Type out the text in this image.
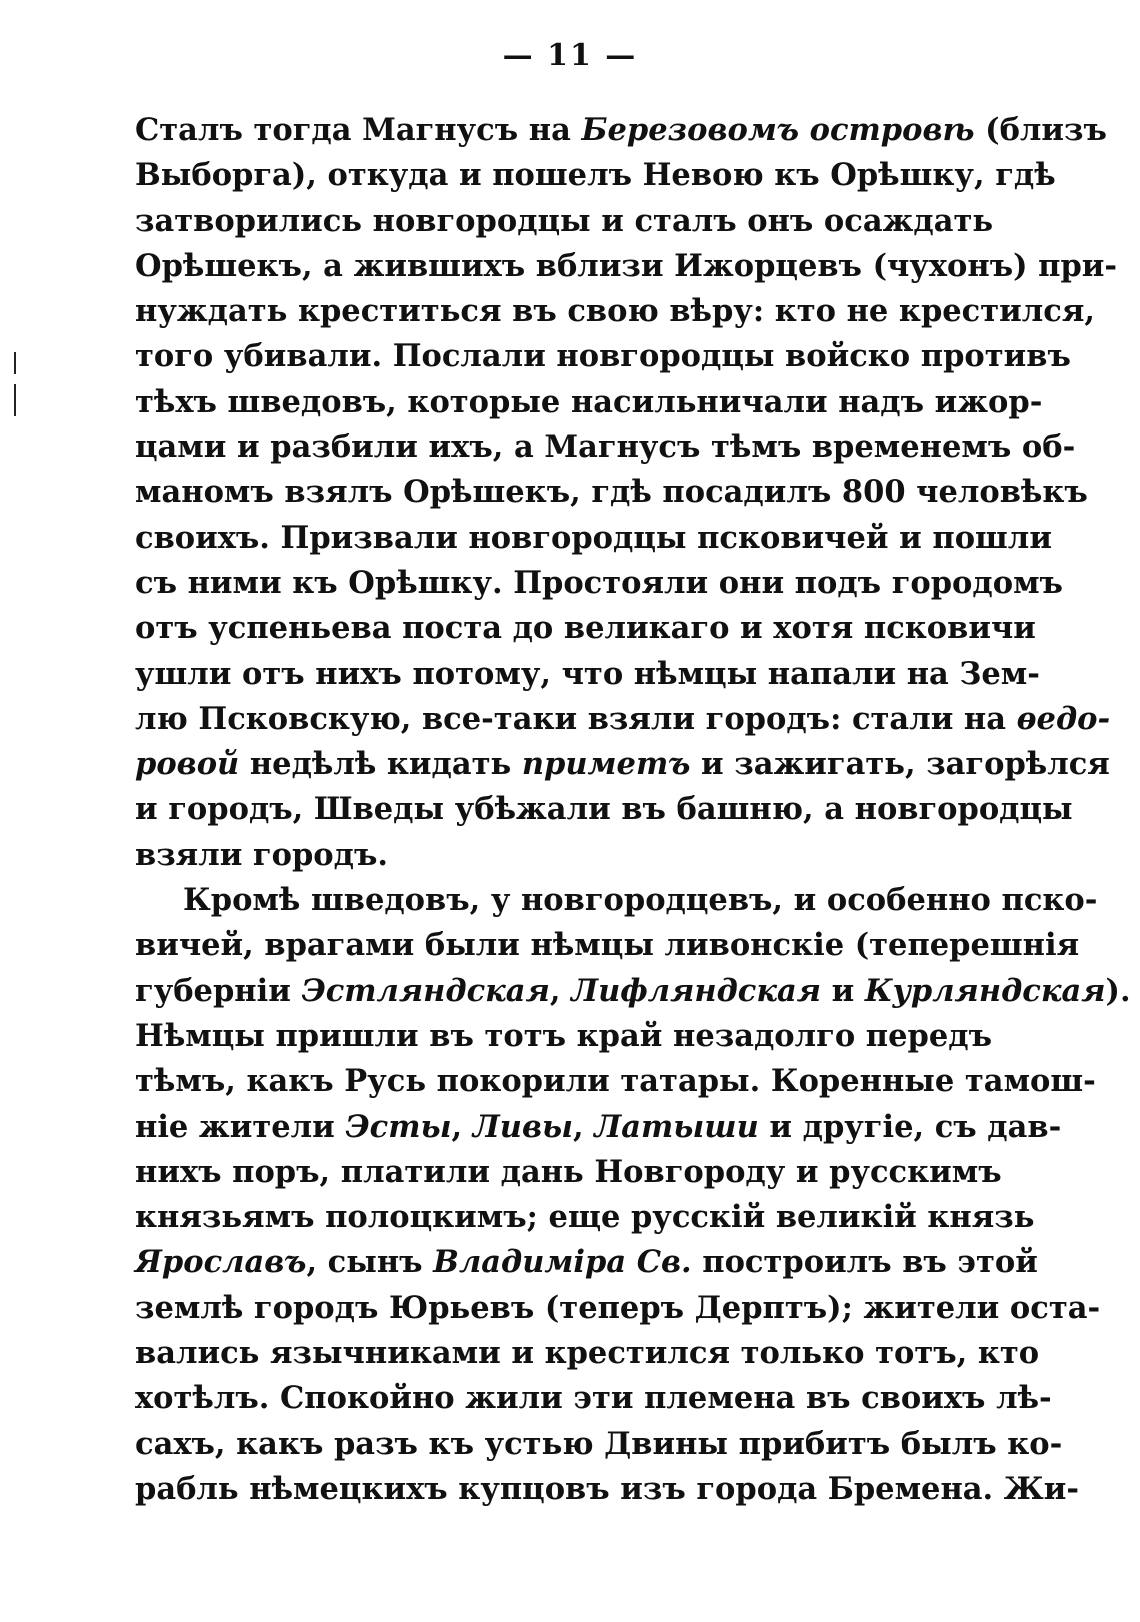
— 11 —
Сталъ тогда Магнусъ на Березовомъ островѣ (близъ
Выборга), откуда и пошелъ Невою къ Орѣшку, гдѣ
затворились новгородцы и сталъ онъ осаждать
Орѣшекъ, а жившихъ вблизи Ижорцевъ (чухонъ) при-
нуждать креститься въ свою вѣру: кто не крестился,
того убивали. Послали новгородцы войско противъ
тѣхъ шведовъ, которые насильничали надъ ижор-
цами и разбили ихъ, а Магнусъ тѣмъ временемъ об-
маномъ взялъ Орѣшекъ, гдѣ посадилъ 800 человѣкъ
своихъ. Призвали новгородцы псковичей и пошли
съ ними къ Орѣшку. Простояли они подъ городомъ
отъ успеньева поста до великаго и хотя псковичи
ушли отъ нихъ потому, что нѣмцы напали на Зем-
лю Псковскую, все-таки взяли городъ: стали на ѳедо-
ровой недѣлѣ кидать приметъ и зажигать, загорѣлся
и городъ, Шведы убѣжали въ башню, а новгородцы
взяли городъ.
Кромѣ шведовъ, у новгородцевъ, и особенно пско-
вичей, врагами были нѣмцы ливонскіе (теперешнія
губерніи Эстляндская, Лифляндская и Курляндская).
Нѣмцы пришли въ тотъ край незадолго передъ
тѣмъ, какъ Русь покорили татары. Коренные тамош-
ніе жители Эсты, Ливы, Латыши и другіе, съ дав-
нихъ поръ, платили дань Новгороду и русскимъ
князьямъ полоцкимъ; еще русскій великій князь
Ярославъ, сынъ Владиміра Св. построилъ въ этой
землѣ городъ Юрьевъ (теперъ Дерптъ); жители оста-
вались язычниками и крестился только тотъ, кто
хотѣлъ. Спокойно жили эти племена въ своихъ лѣ-
сахъ, какъ разъ къ устью Двины прибитъ былъ ко-
рабль нѣмецкихъ купцовъ изъ города Бремена. Жи-
